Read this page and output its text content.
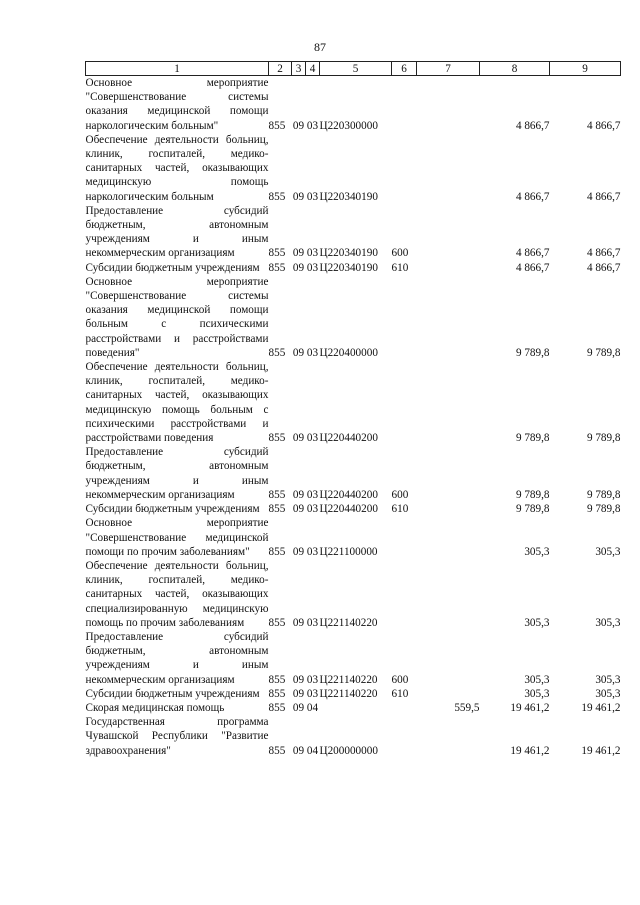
87
1	2	3	4	5	6	7	8	9
Основное мероприятие "Совершенствование системы оказания медицинской помощи наркологическим больным"	855	09	03	Ц220300000			4 866,7	4 866,7
Обеспечение деятельности больниц, клиник, госпиталей, медико-санитарных частей, оказывающих медицинскую помощь наркологическим больным	855	09	03	Ц220340190			4 866,7	4 866,7
Предоставление субсидий бюджетным, автономным учреждениям и иным некоммерческим организациям	855	09	03	Ц220340190	600		4 866,7	4 866,7
Субсидии бюджетным учреждениям	855	09	03	Ц220340190	610		4 866,7	4 866,7
Основное мероприятие "Совершенствование системы оказания медицинской помощи больным с психическими расстройствами и расстройствами поведения"	855	09	03	Ц220400000			9 789,8	9 789,8
Обеспечение деятельности больниц, клиник, госпиталей, медико-санитарных частей, оказывающих медицинскую помощь больным с психическими расстройствами и расстройствами поведения	855	09	03	Ц220440200			9 789,8	9 789,8
Предоставление субсидий бюджетным, автономным учреждениям и иным некоммерческим организациям	855	09	03	Ц220440200	600		9 789,8	9 789,8
Субсидии бюджетным учреждениям	855	09	03	Ц220440200	610		9 789,8	9 789,8
Основное мероприятие "Совершенствование медицинской помощи по прочим заболеваниям"	855	09	03	Ц221100000			305,3	305,3
Обеспечение деятельности больниц, клиник, госпиталей, медико-санитарных частей, оказывающих специализированную медицинскую помощь по прочим заболеваниям	855	09	03	Ц221140220			305,3	305,3
Предоставление субсидий бюджетным, автономным учреждениям и иным некоммерческим организациям	855	09	03	Ц221140220	600		305,3	305,3
Субсидии бюджетным учреждениям	855	09	03	Ц221140220	610		305,3	305,3
Скорая медицинская помощь	855	09	04			559,5	19 461,2	19 461,2
Государственная программа Чувашской Республики "Развитие здравоохранения"	855	09	04	Ц200000000			19 461,2	19 461,2
